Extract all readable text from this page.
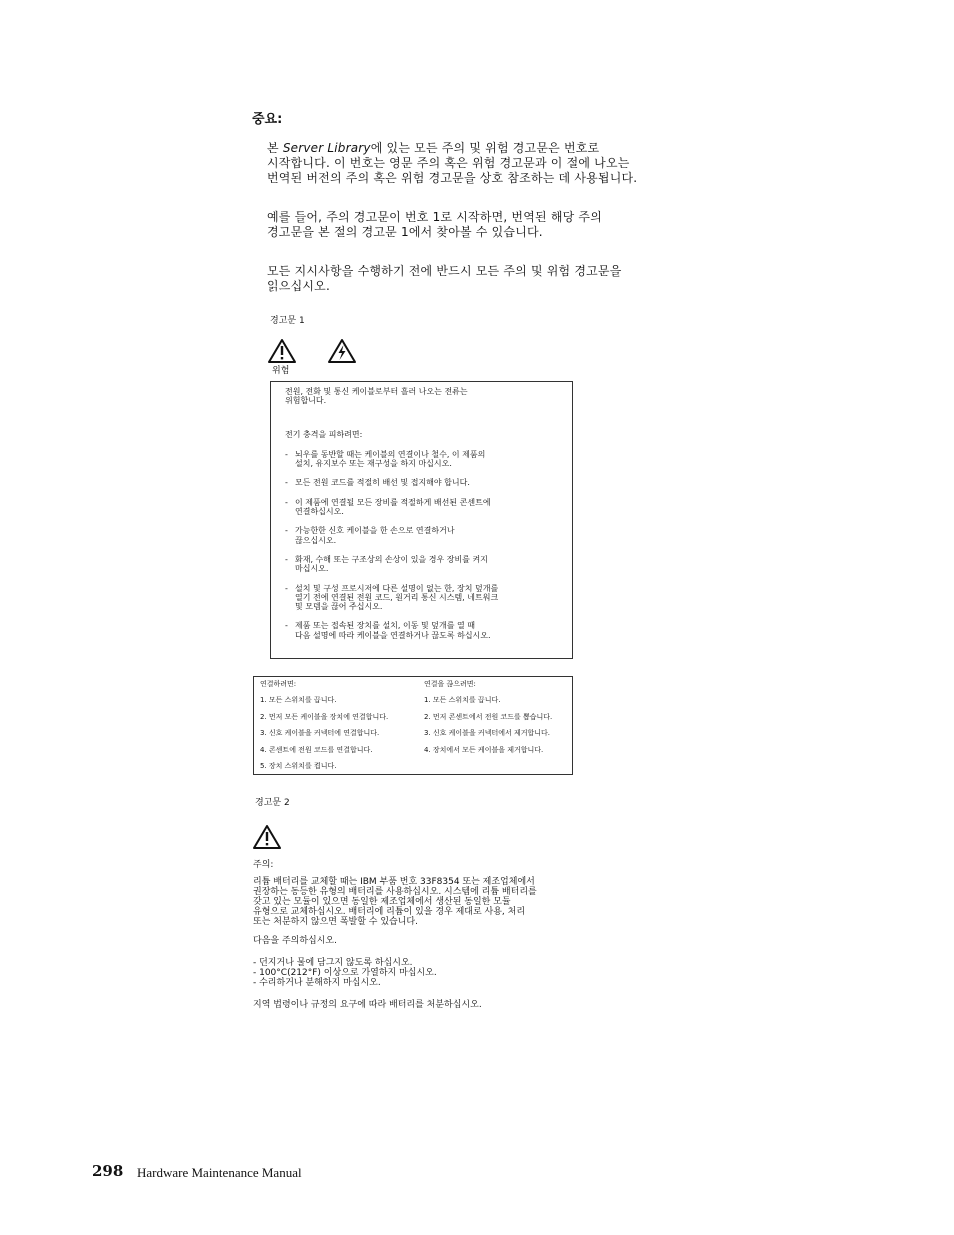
중요:

본 Server Library에 있는 모든 주의 및 위험 경고문은 번호로

시작합니다. 이 번호는 영문 주의 혹은 위험 경고문과 이 절에 나오는

번역된 버전의 주의 혹은 위험 경고문을 상호 참조하는 데 사용됩니다.

예를 들어, 주의 경고문이 번호 1로 시작하면, 번역된 해당 주의

경고문을 본 절의 경고문 1에서 찾아볼 수 있습니다.

모든 지시사항을 수행하기 전에 반드시 모든 주의 및 위험 경고문을

읽으십시오.

경고문 1
위험

전원, 전화 및 통신 케이블로부터 흘러 나오는 전류는

위험합니다.

전기 충격을 피하려면:

- 뇌우를 동반할 때는 케이블의 연결이나 철수, 이 제품의
설치, 유지보수 또는 재구성을 하지 마십시오.
- 모든 전원 코드를 적절히 배선 및 접지해야 합니다.
- 이 제품에 연결될 모든 장비를 적절하게 배선된 콘센트에
연결하십시오.
- 가능한한 신호 케이블을 한 손으로 연결하거나
끊으십시오.
- 화재, 수해 또는 구조상의 손상이 있을 경우 장비를 켜지
마십시오.
- 설치 및 구성 프로시저에 다른 설명이 없는 한, 장치 덮개를
열기 전에 연결된 전원 코드, 원거리 통신 시스템, 네트워크
및 모뎀을 끊어 주십시오.
- 제품 또는 접속된 장치를 설치, 이동 및 덮개를 열 때
다음 설명에 따라 케이블을 연결하거나 끊도록 하십시오.
연결하려면:
1. 모든 스위치를 끕니다.
2. 먼저 모든 케이블을 장치에 연결합니다.
3. 신호 케이블을 커넥터에 연결합니다.
4. 콘센트에 전원 코드를 연결합니다.
5. 장치 스위치를 켭니다.
연결을 끊으려면:
1. 모든 스위치를 끕니다.
2. 먼저 콘센트에서 전원 코드를 뽑습니다.
3. 신호 케이블을 커넥터에서 제거합니다.
4. 장치에서 모든 케이블을 제거합니다.
경고문 2
주의:

리튬 배터리를 교체할 때는 IBM 부품 번호 33F8354 또는 제조업체에서

권장하는 동등한 유형의 배터리를 사용하십시오. 시스템에 리튬 배터리를

갖고 있는 모듈이 있으면 동일한 제조업체에서 생산된 동일한 모듈

유형으로 교체하십시오. 배터리에 리튬이 있을 경우 제대로 사용, 처리

또는 처분하지 않으면 폭발할 수 있습니다.

다음을 주의하십시오.

- 던지거나 물에 담그지 않도록 하십시오.

- 100°C(212°F) 이상으로 가열하지 마십시오.

- 수리하거나 분해하지 마십시오.

지역 법령이나 규정의 요구에 따라 배터리를 처분하십시오.
298 Hardware Maintenance Manual
